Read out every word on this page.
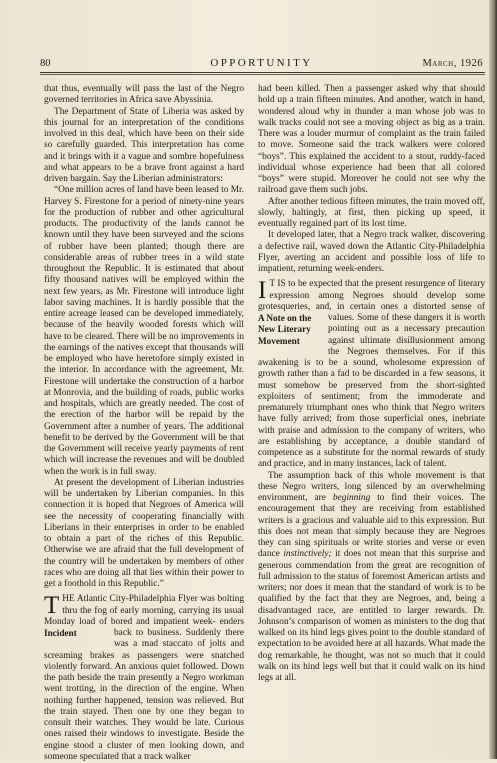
80	OPPORTUNITY	March, 1926

that thus, eventually will pass the last of the Negro governed territories in Africa save Abyssinia.

The Department of State of Liberia was asked by this journal for an interpretation of the conditions involved in this deal, which have been on their side so carefully guarded. This interpretation has come and it brings with it a vague and sombre hopefulness and what appears to be a brave front against a hard driven bargain. Say the Liberian administrators:

“One million acres of land have been leased to Mr. Harvey S. Firestone for a period of ninety-nine years for the production of rubber and other agricultural products. The productivity of the lands cannot be known until they have been surveyed and the scions of rubber have been planted; though there are considerable areas of rubber trees in a wild state throughout the Republic. It is estimated that about fifty thousand natives will be employed within the next few years, as Mr. Firestone will introduce light labor saving machines. It is hardly possible that the entire acreage leased can be developed immediately, because of the heavily wooded forests which will have to be cleared. There will be no improvements in the earnings of the natives except that thousands will be employed who have heretofore simply existed in the interior. In accordance with the agreement, Mr. Firestone will undertake the construction of a harbor at Monrovia, and the building of roads, public works and hospitals, which are greatly needed. The cost of the erection of the harbor will be repaid by the Government after a number of years. The additional benefit to be derived by the Government will be that the Government will receive yearly payments of rent which will increase the revenues and will be doubled when the work is in full sway.

At present the development of Liberian industries will be undertaken by Liberian companies. In this connection it is hoped that Negroes of America will see the necessity of cooperating financially with Liberians in their enterprises in order to be enabled to obtain a part of the riches of this Republic. Otherwise we are afraid that the full development of the country will be undertaken by members of other races who are doing all that lies within their power to get a foothold in this Republic.”

THE Atlantic City-Philadelphia Flyer was bolting thru the fog of early morning, carrying its usual Monday load of bored and impatient week-
Incident
enders back to business. Suddenly there was a mad staccato of jolts and screaming brakes as passengers were snatched violently forward. An anxious quiet followed. Down the path beside the train presently a Negro workman went trotting, in the direction of the engine. When nothing further happened, tension was relieved. But the train stayed. Then one by one they began to consult their watches. They would be late. Curious ones raised their windows to investigate. Beside the engine stood a cluster of men looking down, and someone speculated that a track walker

had been killed. Then a passenger asked why that should hold up a train fifteen minutes. And another, watch in hand, wondered aloud why in thunder a man whose job was to walk tracks could not see a moving object as big as a train. There was a louder murmur of complaint as the train failed to move. Someone said the track walkers were colored “boys”. This explained the accident to a stout, ruddy-faced individual whose experience had been that all colored “boys” were stupid. Moreover he could not see why the railroad gave them such jobs.

After another tedious fifteen minutes, the train moved off, slowly, haltingly, at first, then picking up speed, it eventually regained part of its lost time.

It developed later, that a Negro track walker, discovering a defective rail, waved down the Atlantic City-Philadelphia Flyer, averting an accident and possible loss of life to impatient, returning week-enders.

I T IS to be expected that the present resurgence of literary expression among Negroes should develop some grotesqueries, and, in certain ones a distorted sense of values. Some of
A Note on the New Literary Movement
these dangers it is worth pointing out as a necessary precaution against ultimate disillusionment among the Negroes themselves. For if this awakening is to be a sound, wholesome expression of growth rather than a fad to be discarded in a few seasons, it must somehow be preserved from the short-sighted exploiters of sentiment; from the immoderate and prematurely triumphant ones who think that Negro writers have fully arrived; from those superficial ones, inebriate with praise and admission to the company of writers, who are establishing by acceptance, a double standard of competence as a substitute for the normal rewards of study and practice, and in many instances, lack of talent.

The assumption back of this whole movement is that these Negro writers, long silenced by an overwhelming environment, are beginning to find their voices. The encouragement that they are receiving from established writers is a gracious and valuable aid to this expression. But this does not mean that simply because they are Negroes they can sing spirituals or write stories and verse or even dance instinctively; it does not mean that this surprise and generous commendation from the great are recognition of full admission to the status of foremost American artists and writers; nor does it mean that the standard of work is to be qualified by the fact that they are Negroes, and, being a disadvantaged race, are entitled to larger rewards. Dr. Johnson’s comparison of women as ministers to the dog that walked on its hind legs gives point to the double standard of expectation to be avoided here at all hazards. What made the dog remarkable, he thought, was not so much that it could walk on its hind legs well but that it could walk on its hind legs at all.
